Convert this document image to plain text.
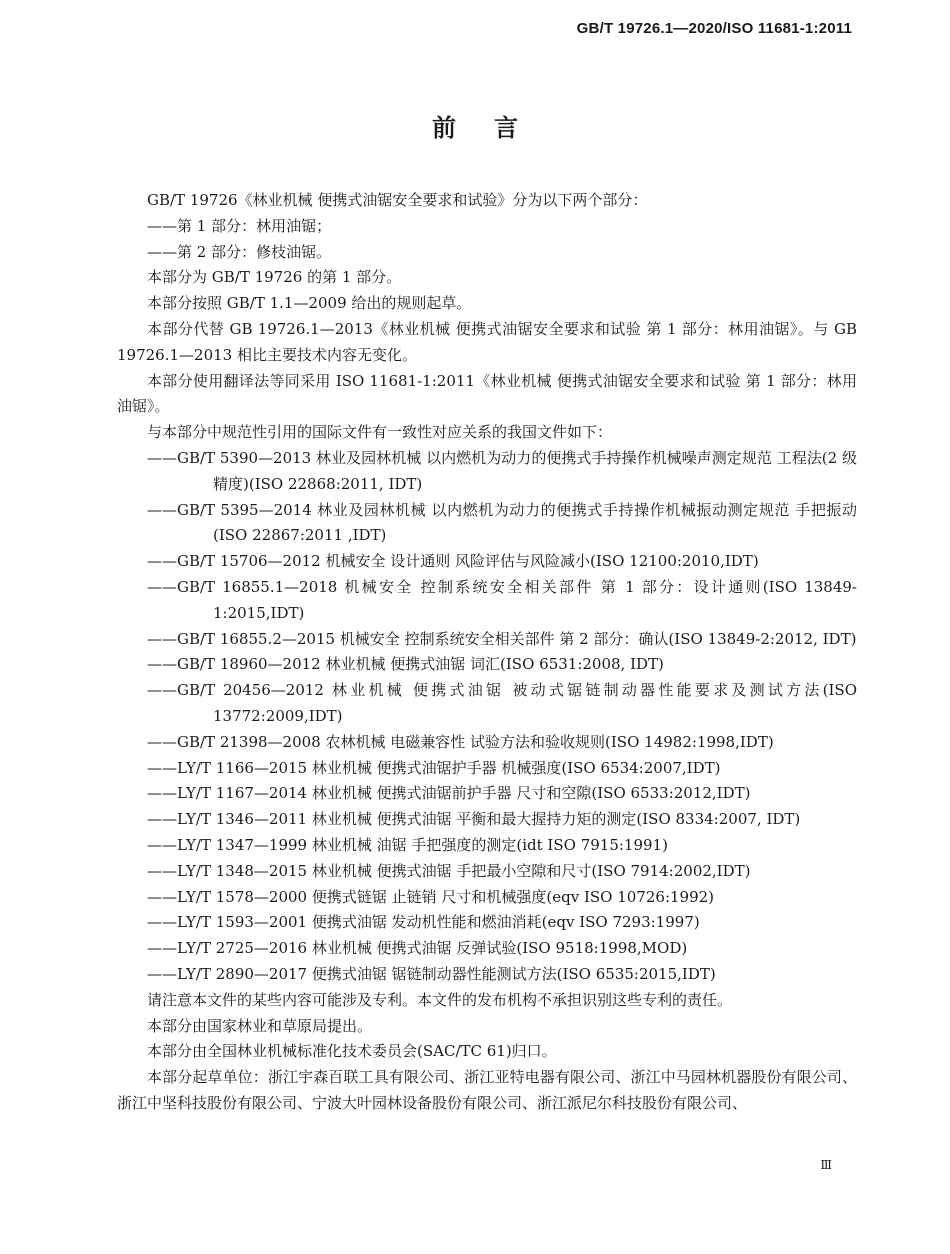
GB/T 19726.1—2020/ISO 11681-1:2011
前言

GB/T 19726《林业机械 便携式油锯安全要求和试验》分为以下两个部分：

——第 1 部分：林用油锯；

——第 2 部分：修枝油锯。

本部分为 GB/T 19726 的第 1 部分。

本部分按照 GB/T 1.1—2009 给出的规则起草。

本部分代替 GB 19726.1—2013《林业机械 便携式油锯安全要求和试验 第 1 部分：林用油锯》。与 GB 19726.1—2013 相比主要技术内容无变化。

本部分使用翻译法等同采用 ISO 11681-1:2011《林业机械 便携式油锯安全要求和试验 第 1 部分：林用油锯》。

与本部分中规范性引用的国际文件有一致性对应关系的我国文件如下：

——GB/T 5390—2013 林业及园林机械 以内燃机为动力的便携式手持操作机械噪声测定规范 工程法(2 级精度)(ISO 22868:2011, IDT)

——GB/T 5395—2014 林业及园林机械 以内燃机为动力的便携式手持操作机械振动测定规范 手把振动(ISO 22867:2011 ,IDT)

——GB/T 15706—2012 机械安全 设计通则 风险评估与风险减小(ISO 12100:2010,IDT)

——GB/T 16855.1—2018 机械安全 控制系统安全相关部件 第 1 部分：设计通则(ISO 13849-1:2015,IDT)

——GB/T 16855.2—2015 机械安全 控制系统安全相关部件 第 2 部分：确认(ISO 13849-2:2012, IDT)

——GB/T 18960—2012 林业机械 便携式油锯 词汇(ISO 6531:2008, IDT)

——GB/T 20456—2012 林业机械 便携式油锯 被动式锯链制动器性能要求及测试方法(ISO 13772:2009,IDT)

——GB/T 21398—2008 农林机械 电磁兼容性 试验方法和验收规则(ISO 14982:1998,IDT)

——LY/T 1166—2015 林业机械 便携式油锯护手器 机械强度(ISO 6534:2007,IDT)

——LY/T 1167—2014 林业机械 便携式油锯前护手器 尺寸和空隙(ISO 6533:2012,IDT)

——LY/T 1346—2011 林业机械 便携式油锯 平衡和最大握持力矩的测定(ISO 8334:2007, IDT)

——LY/T 1347—1999 林业机械 油锯 手把强度的测定(idt ISO 7915:1991)

——LY/T 1348—2015 林业机械 便携式油锯 手把最小空隙和尺寸(ISO 7914:2002,IDT)

——LY/T 1578—2000 便携式链锯 止链销 尺寸和机械强度(eqv ISO 10726:1992)

——LY/T 1593—2001 便携式油锯 发动机性能和燃油消耗(eqv ISO 7293:1997)

——LY/T 2725—2016 林业机械 便携式油锯 反弹试验(ISO 9518:1998,MOD)

——LY/T 2890—2017 便携式油锯 锯链制动器性能测试方法(ISO 6535:2015,IDT)

请注意本文件的某些内容可能涉及专利。本文件的发布机构不承担识别这些专利的责任。

本部分由国家林业和草原局提出。

本部分由全国林业机械标准化技术委员会(SAC/TC 61)归口。

本部分起草单位：浙江宇森百联工具有限公司、浙江亚特电器有限公司、浙江中马园林机器股份有限公司、浙江中坚科技股份有限公司、宁波大叶园林设备股份有限公司、浙江派尼尔科技股份有限公司、

Ⅲ
